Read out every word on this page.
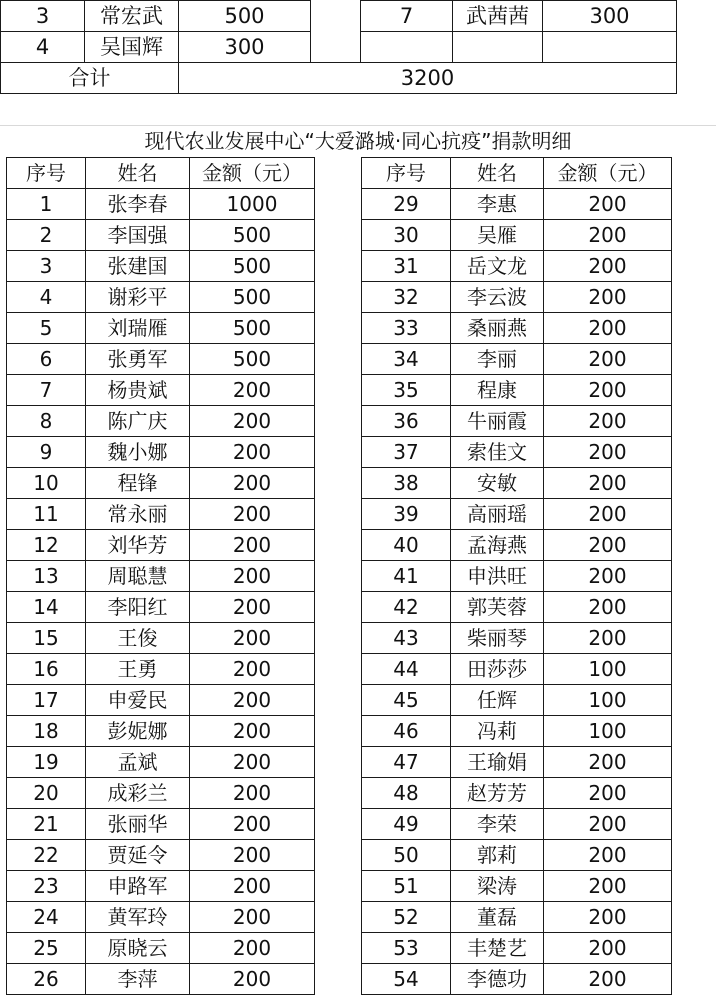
3	常宏武	500		7	武茜茜	300
4	吴国辉	300				
合计		3200				
现代农业发展中心“大爱潞城·同心抗疫”捐款明细
序号	姓名	金额（元）
1	张李春	1000
2	李国强	500
3	张建国	500
4	谢彩平	500
5	刘瑞雁	500
6	张勇军	500
7	杨贵斌	200
8	陈广庆	200
9	魏小娜	200
10	程锋	200
11	常永丽	200
12	刘华芳	200
13	周聪慧	200
14	李阳红	200
15	王俊	200
16	王勇	200
17	申爱民	200
18	彭妮娜	200
19	孟斌	200
20	成彩兰	200
21	张丽华	200
22	贾延令	200
23	申路军	200
24	黄军玲	200
25	原晓云	200
26	李萍	200
序号	姓名	金额（元）
29	李惠	200
30	吴雁	200
31	岳文龙	200
32	李云波	200
33	桑丽燕	200
34	李丽	200
35	程康	200
36	牛丽霞	200
37	索佳文	200
38	安敏	200
39	高丽瑶	200
40	孟海燕	200
41	申洪旺	200
42	郭芙蓉	200
43	柴丽琴	200
44	田莎莎	100
45	任辉	100
46	冯莉	100
47	王瑜娟	200
48	赵芳芳	200
49	李荣	200
50	郭莉	200
51	梁涛	200
52	董磊	200
53	丰楚艺	200
54	李德功	200
